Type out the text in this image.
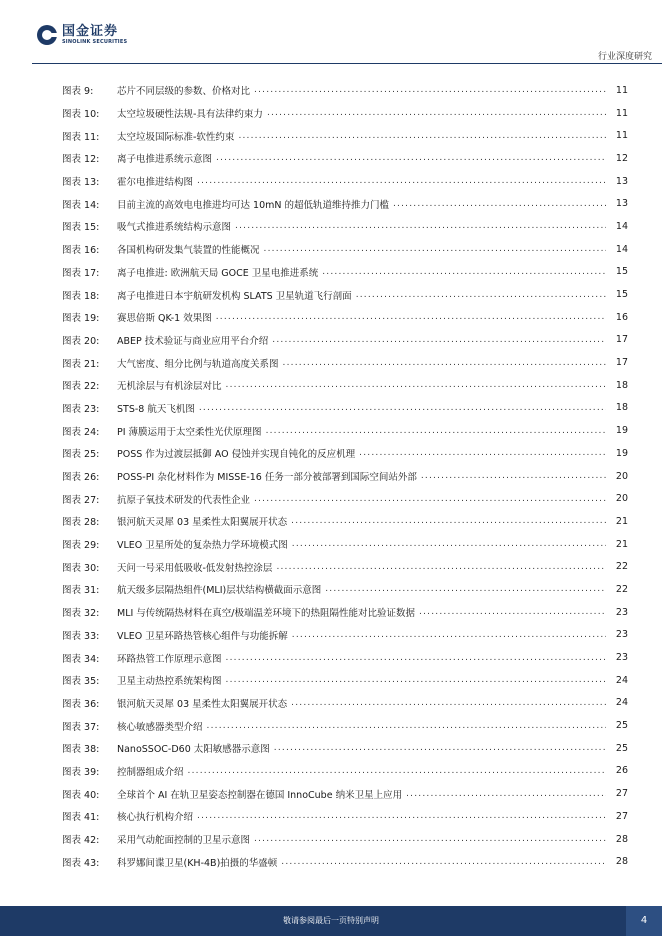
国金证券
SINOLINK SECURITIES
行业深度研究
图表 9:	芯片不同层级的参数、价格对比 .....	11
图表 10:	太空垃圾硬性法规-具有法律约束力 .....	11
图表 11:	太空垃圾国际标准-软性约束 .....	11
图表 12:	离子电推进系统示意图 .....	12
图表 13:	霍尔电推进结构图 .....	13
图表 14:	目前主流的高效电电推进均可达 10mN 的超低轨道维持推力门槛 .....	13
图表 15:	吸气式推进系统结构示意图 .....	14
图表 16:	各国机构研发集气装置的性能概况 .....	14
图表 17:	离子电推进: 欧洲航天局 GOCE 卫星电推进系统 .....	15
图表 18:	离子电推进日本宇航研发机构 SLATS 卫星轨道飞行剖面 .....	15
图表 19:	赛思倍斯 QK-1 效果图 .....	16
图表 20:	ABEP 技术验证与商业应用平台介绍 .....	17
图表 21:	大气密度、组分比例与轨道高度关系图 .....	17
图表 22:	无机涂层与有机涂层对比 .....	18
图表 23:	STS-8 航天飞机图 .....	18
图表 24:	PI 薄膜运用于太空柔性光伏原理图 .....	19
图表 25:	POSS 作为过渡层抵御 AO 侵蚀并实现自钝化的反应机理 .....	19
图表 26:	POSS-PI 杂化材料作为 MISSE-16 任务一部分被部署到国际空间站外部 .....	20
图表 27:	抗原子氧技术研发的代表性企业 .....	20
图表 28:	银河航天灵犀 03 星柔性太阳翼展开状态 .....	21
图表 29:	VLEO 卫星所处的复杂热力学环境模式图 .....	21
图表 30:	天问一号采用低吸收-低发射热控涂层 .....	22
图表 31:	航天级多层隔热组件(MLI)层状结构横截面示意图 .....	22
图表 32:	MLI 与传统隔热材料在真空/极端温差环境下的热阻隔性能对比验证数据 .....	23
图表 33:	VLEO 卫星环路热管核心组件与功能拆解 .....	23
图表 34:	环路热管工作原理示意图 .....	23
图表 35:	卫星主动热控系统架构图 .....	24
图表 36:	银河航天灵犀 03 星柔性太阳翼展开状态 .....	24
图表 37:	核心敏感器类型介绍 .....	25
图表 38:	NanoSSOC-D60 太阳敏感器示意图 .....	25
图表 39:	控制器组成介绍 .....	26
图表 40:	全球首个 AI 在轨卫星姿态控制器在德国 InnoCube 纳米卫星上应用 .....	27
图表 41:	核心执行机构介绍 .....	27
图表 42:	采用气动舵面控制的卫星示意图 .....	28
图表 43:	科罗娜间谍卫星(KH-4B)拍摄的华盛顿 .....	28
敬请参阅最后一页特别声明	4
